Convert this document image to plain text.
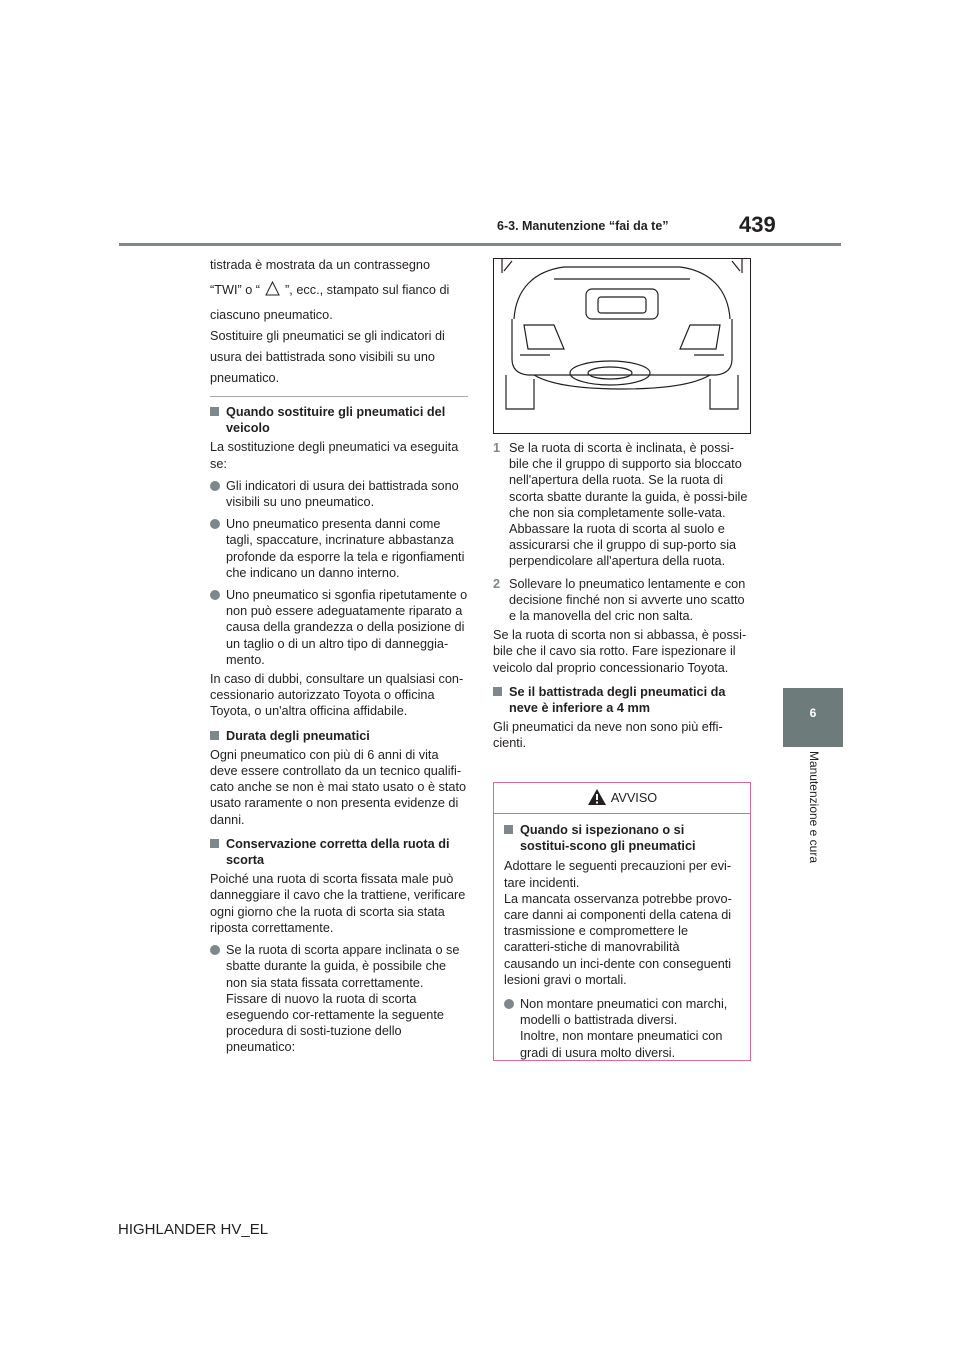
6-3. Manutenzione “fai da te”	439
6
Manutenzione e cura

tistrada è mostrata da un contrassegno

“TWI” o “ ”, ecc., stampato sul fianco di

ciascuno pneumatico.

Sostituire gli pneumatici se gli indicatori di

usura dei battistrada sono visibili su uno

pneumatico.

Quando sostituire gli pneumatici del veicolo

La sostituzione degli pneumatici va eseguita se:

Gli indicatori di usura dei battistrada sono visibili su uno pneumatico.

Uno pneumatico presenta danni come tagli, spaccature, incrinature abbastanza profonde da esporre la tela e rigonfiamenti che indicano un danno interno.

Uno pneumatico si sgonfia ripetutamente o non può essere adeguatamente riparato a causa della grandezza o della posizione di un taglio o di un altro tipo di danneggia-mento.

In caso di dubbi, consultare un qualsiasi con-cessionario autorizzato Toyota o officina Toyota, o un'altra officina affidabile.

Durata degli pneumatici

Ogni pneumatico con più di 6 anni di vita deve essere controllato da un tecnico qualifi-cato anche se non è mai stato usato o è stato usato raramente o non presenta evidenze di danni.

Conservazione corretta della ruota di scorta

Poiché una ruota di scorta fissata male può danneggiare il cavo che la trattiene, verificare ogni giorno che la ruota di scorta sia stata riposta correttamente.

Se la ruota di scorta appare inclinata o se sbatte durante la guida, è possibile che non sia stata fissata correttamente. Fissare di nuovo la ruota di scorta eseguendo cor-rettamente la seguente procedura di sosti-tuzione dello pneumatico:

1 Se la ruota di scorta è inclinata, è possi-bile che il gruppo di supporto sia bloccato nell'apertura della ruota. Se la ruota di scorta sbatte durante la guida, è possi-bile che non sia completamente solle-vata. Abbassare la ruota di scorta al suolo e assicurarsi che il gruppo di sup-porto sia perpendicolare all'apertura della ruota.

2 Sollevare lo pneumatico lentamente e con decisione finché non si avverte uno scatto e la manovella del cric non salta.

Se la ruota di scorta non si abbassa, è possi-bile che il cavo sia rotto. Fare ispezionare il veicolo dal proprio concessionario Toyota.

Se il battistrada degli pneumatici da neve è inferiore a 4 mm

Gli pneumatici da neve non sono più effi-cienti.

AVVISO

Quando si ispezionano o si sostitui-scono gli pneumatici

Adottare le seguenti precauzioni per evi-tare incidenti.

La mancata osservanza potrebbe provo-care danni ai componenti della catena di trasmissione e compromettere le caratteri-stiche di manovrabilità causando un inci-dente con conseguenti lesioni gravi o mortali.

Non montare pneumatici con marchi, modelli o battistrada diversi.

Inoltre, non montare pneumatici con gradi di usura molto diversi.

HIGHLANDER HV_EL
